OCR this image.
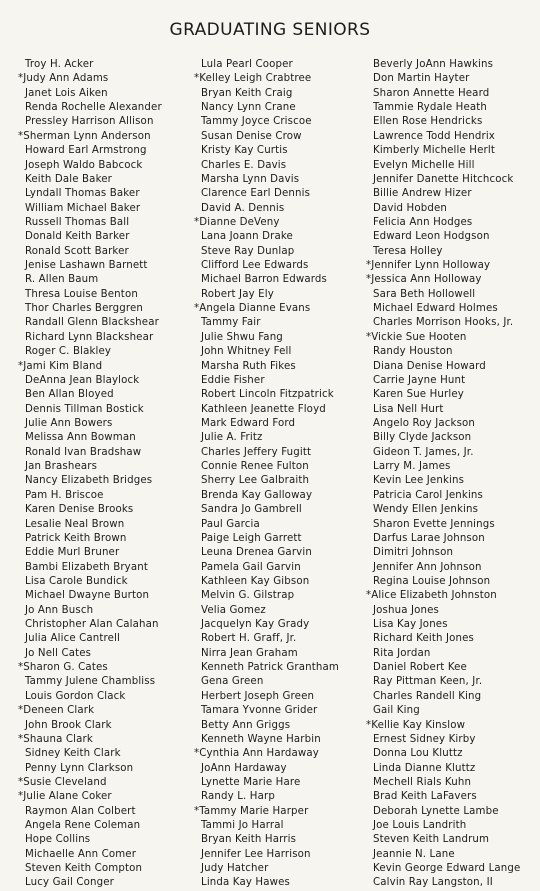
GRADUATING SENIORS
Troy H. Acker
*Judy Ann Adams
Janet Lois Aiken
Renda Rochelle Alexander
Pressley Harrison Allison
*Sherman Lynn Anderson
Howard Earl Armstrong
Joseph Waldo Babcock
Keith Dale Baker
Lyndall Thomas Baker
William Michael Baker
Russell Thomas Ball
Donald Keith Barker
Ronald Scott Barker
Jenise Lashawn Barnett
R. Allen Baum
Thresa Louise Benton
Thor Charles Berggren
Randall Glenn Blackshear
Richard Lynn Blackshear
Roger C. Blakley
*Jami Kim Bland
DeAnna Jean Blaylock
Ben Allan Bloyed
Dennis Tillman Bostick
Julie Ann Bowers
Melissa Ann Bowman
Ronald Ivan Bradshaw
Jan Brashears
Nancy Elizabeth Bridges
Pam H. Briscoe
Karen Denise Brooks
Lesalie Neal Brown
Patrick Keith Brown
Eddie Murl Bruner
Bambi Elizabeth Bryant
Lisa Carole Bundick
Michael Dwayne Burton
Jo Ann Busch
Christopher Alan Calahan
Julia Alice Cantrell
Jo Nell Cates
*Sharon G. Cates
Tammy Julene Chambliss
Louis Gordon Clack
*Deneen Clark
John Brook Clark
*Shauna Clark
Sidney Keith Clark
Penny Lynn Clarkson
*Susie Cleveland
*Julie Alane Coker
Raymon Alan Colbert
Angela Rene Coleman
Hope Collins
Michaelle Ann Comer
Steven Keith Compton
Lucy Gail Conger
Lula Pearl Cooper
*Kelley Leigh Crabtree
Bryan Keith Craig
Nancy Lynn Crane
Tammy Joyce Criscoe
Susan Denise Crow
Kristy Kay Curtis
Charles E. Davis
Marsha Lynn Davis
Clarence Earl Dennis
David A. Dennis
*Dianne DeVeny
Lana Joann Drake
Steve Ray Dunlap
Clifford Lee Edwards
Michael Barron Edwards
Robert Jay Ely
*Angela Dianne Evans
Tammy Fair
Julie Shwu Fang
John Whitney Fell
Marsha Ruth Fikes
Eddie Fisher
Robert Lincoln Fitzpatrick
Kathleen Jeanette Floyd
Mark Edward Ford
Julie A. Fritz
Charles Jeffery Fugitt
Connie Renee Fulton
Sherry Lee Galbraith
Brenda Kay Galloway
Sandra Jo Gambrell
Paul Garcia
Paige Leigh Garrett
Leuna Drenea Garvin
Pamela Gail Garvin
Kathleen Kay Gibson
Melvin G. Gilstrap
Velia Gomez
Jacquelyn Kay Grady
Robert H. Graff, Jr.
Nirra Jean Graham
Kenneth Patrick Grantham
Gena Green
Herbert Joseph Green
Tamara Yvonne Grider
Betty Ann Griggs
Kenneth Wayne Harbin
*Cynthia Ann Hardaway
JoAnn Hardaway
Lynette Marie Hare
Randy L. Harp
*Tammy Marie Harper
Tammi Jo Harral
Bryan Keith Harris
Jennifer Lee Harrison
Judy Hatcher
Linda Kay Hawes
Beverly JoAnn Hawkins
Don Martin Hayter
Sharon Annette Heard
Tammie Rydale Heath
Ellen Rose Hendricks
Lawrence Todd Hendrix
Kimberly Michelle Herlt
Evelyn Michelle Hill
Jennifer Danette Hitchcock
Billie Andrew Hizer
David Hobden
Felicia Ann Hodges
Edward Leon Hodgson
Teresa Holley
*Jennifer Lynn Holloway
*Jessica Ann Holloway
Sara Beth Hollowell
Michael Edward Holmes
Charles Morrison Hooks, Jr.
*Vickie Sue Hooten
Randy Houston
Diana Denise Howard
Carrie Jayne Hunt
Karen Sue Hurley
Lisa Nell Hurt
Angelo Roy Jackson
Billy Clyde Jackson
Gideon T. James, Jr.
Larry M. James
Kevin Lee Jenkins
Patricia Carol Jenkins
Wendy Ellen Jenkins
Sharon Evette Jennings
Darfus Larae Johnson
Dimitri Johnson
Jennifer Ann Johnson
Regina Louise Johnson
*Alice Elizabeth Johnston
Joshua Jones
Lisa Kay Jones
Richard Keith Jones
Rita Jordan
Daniel Robert Kee
Ray Pittman Keen, Jr.
Charles Randell King
Gail King
*Kellie Kay Kinslow
Ernest Sidney Kirby
Donna Lou Kluttz
Linda Dianne Kluttz
Mechell Rials Kuhn
Brad Keith LaFavers
Deborah Lynette Lambe
Joe Louis Landrith
Steven Keith Landrum
Jeannie N. Lane
Kevin George Edward Lange
Calvin Ray Langston, II
